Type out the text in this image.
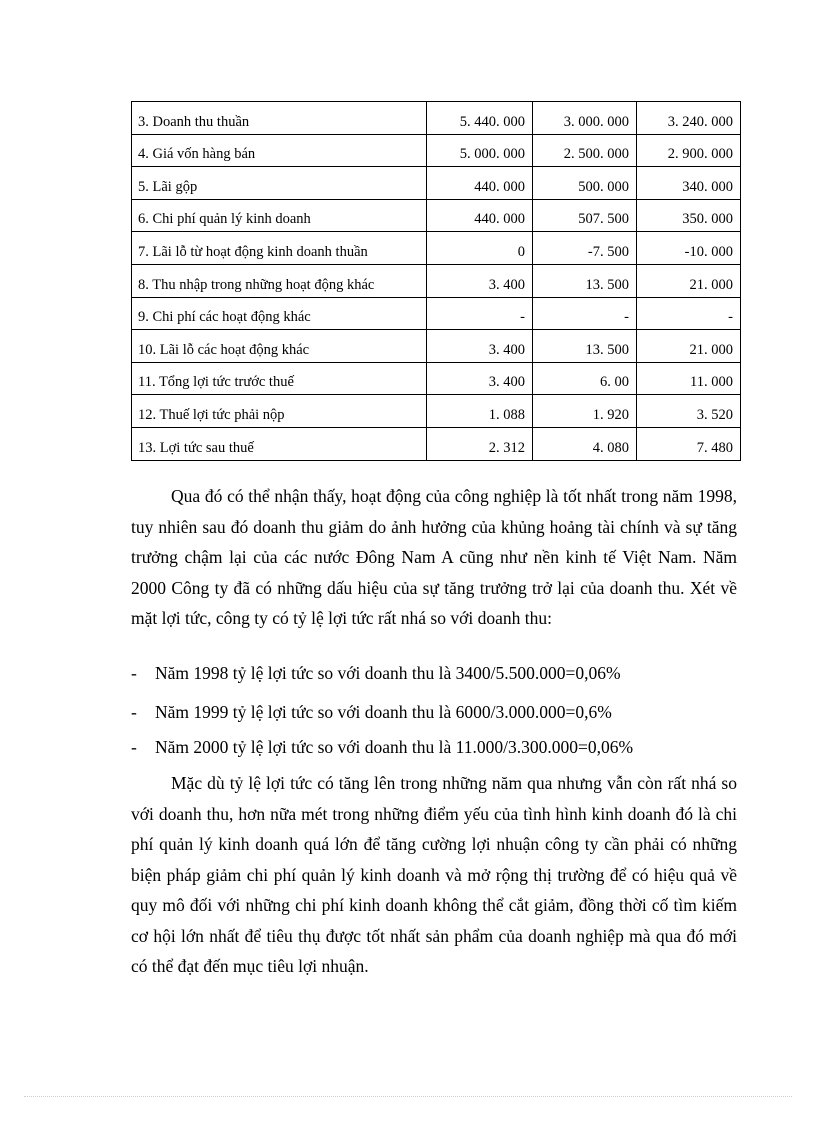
3. Doanh thu thuần	5. 440. 000	3. 000. 000	3. 240. 000
4. Giá vốn hàng bán	5. 000. 000	2. 500. 000	2. 900. 000
5. Lãi gộp	440. 000	500. 000	340. 000
6. Chi phí quản lý kinh doanh	440. 000	507. 500	350. 000
7. Lãi lỗ từ hoạt động kinh doanh thuần	0	-7. 500	-10. 000
8. Thu nhập trong những hoạt động khác	3. 400	13. 500	21. 000
9. Chi phí các hoạt động khác	-	-	-
10. Lãi lỗ các hoạt động khác	3. 400	13. 500	21. 000
11. Tổng lợi tức trước thuế	3. 400	6. 00	11. 000
12. Thuế lợi tức phải nộp	1. 088	1. 920	3. 520
13. Lợi tức sau thuế	2. 312	4. 080	7. 480

Qua đó có thể nhận thấy, hoạt động của công nghiệp là tốt nhất trong năm 1998, tuy nhiên sau đó doanh thu giảm do ảnh hưởng của khủng hoảng tài chính và sự tăng trưởng chậm lại của các nước Đông Nam A cũng như nền kinh tế Việt Nam. Năm 2000 Công ty đã có những dấu hiệu của sự tăng trưởng trở lại của doanh thu. Xét về mặt lợi tức, công ty có tỷ lệ lợi tức rất nhá so với doanh thu:

- Năm 1998 tỷ lệ lợi tức so với doanh thu là 3400/5.500.000=0,06%

- Năm 1999 tỷ lệ lợi tức so với doanh thu là 6000/3.000.000=0,6%

- Năm 2000 tỷ lệ lợi tức so với doanh thu là 11.000/3.300.000=0,06%

Mặc dù tỷ lệ lợi tức có tăng lên trong những năm qua nhưng vẫn còn rất nhá so với doanh thu, hơn nữa mét trong những điểm yếu của tình hình kinh doanh đó là chi phí quản lý kinh doanh quá lớn để tăng cường lợi nhuận công ty cần phải có những biện pháp giảm chi phí quản lý kinh doanh và mở rộng thị trường để có hiệu quả về quy mô đối với những chi phí kinh doanh không thể cắt giảm, đồng thời cố tìm kiếm cơ hội lớn nhất để tiêu thụ được tốt nhất sản phẩm của doanh nghiệp mà qua đó mới có thể đạt đến mục tiêu lợi nhuận.
